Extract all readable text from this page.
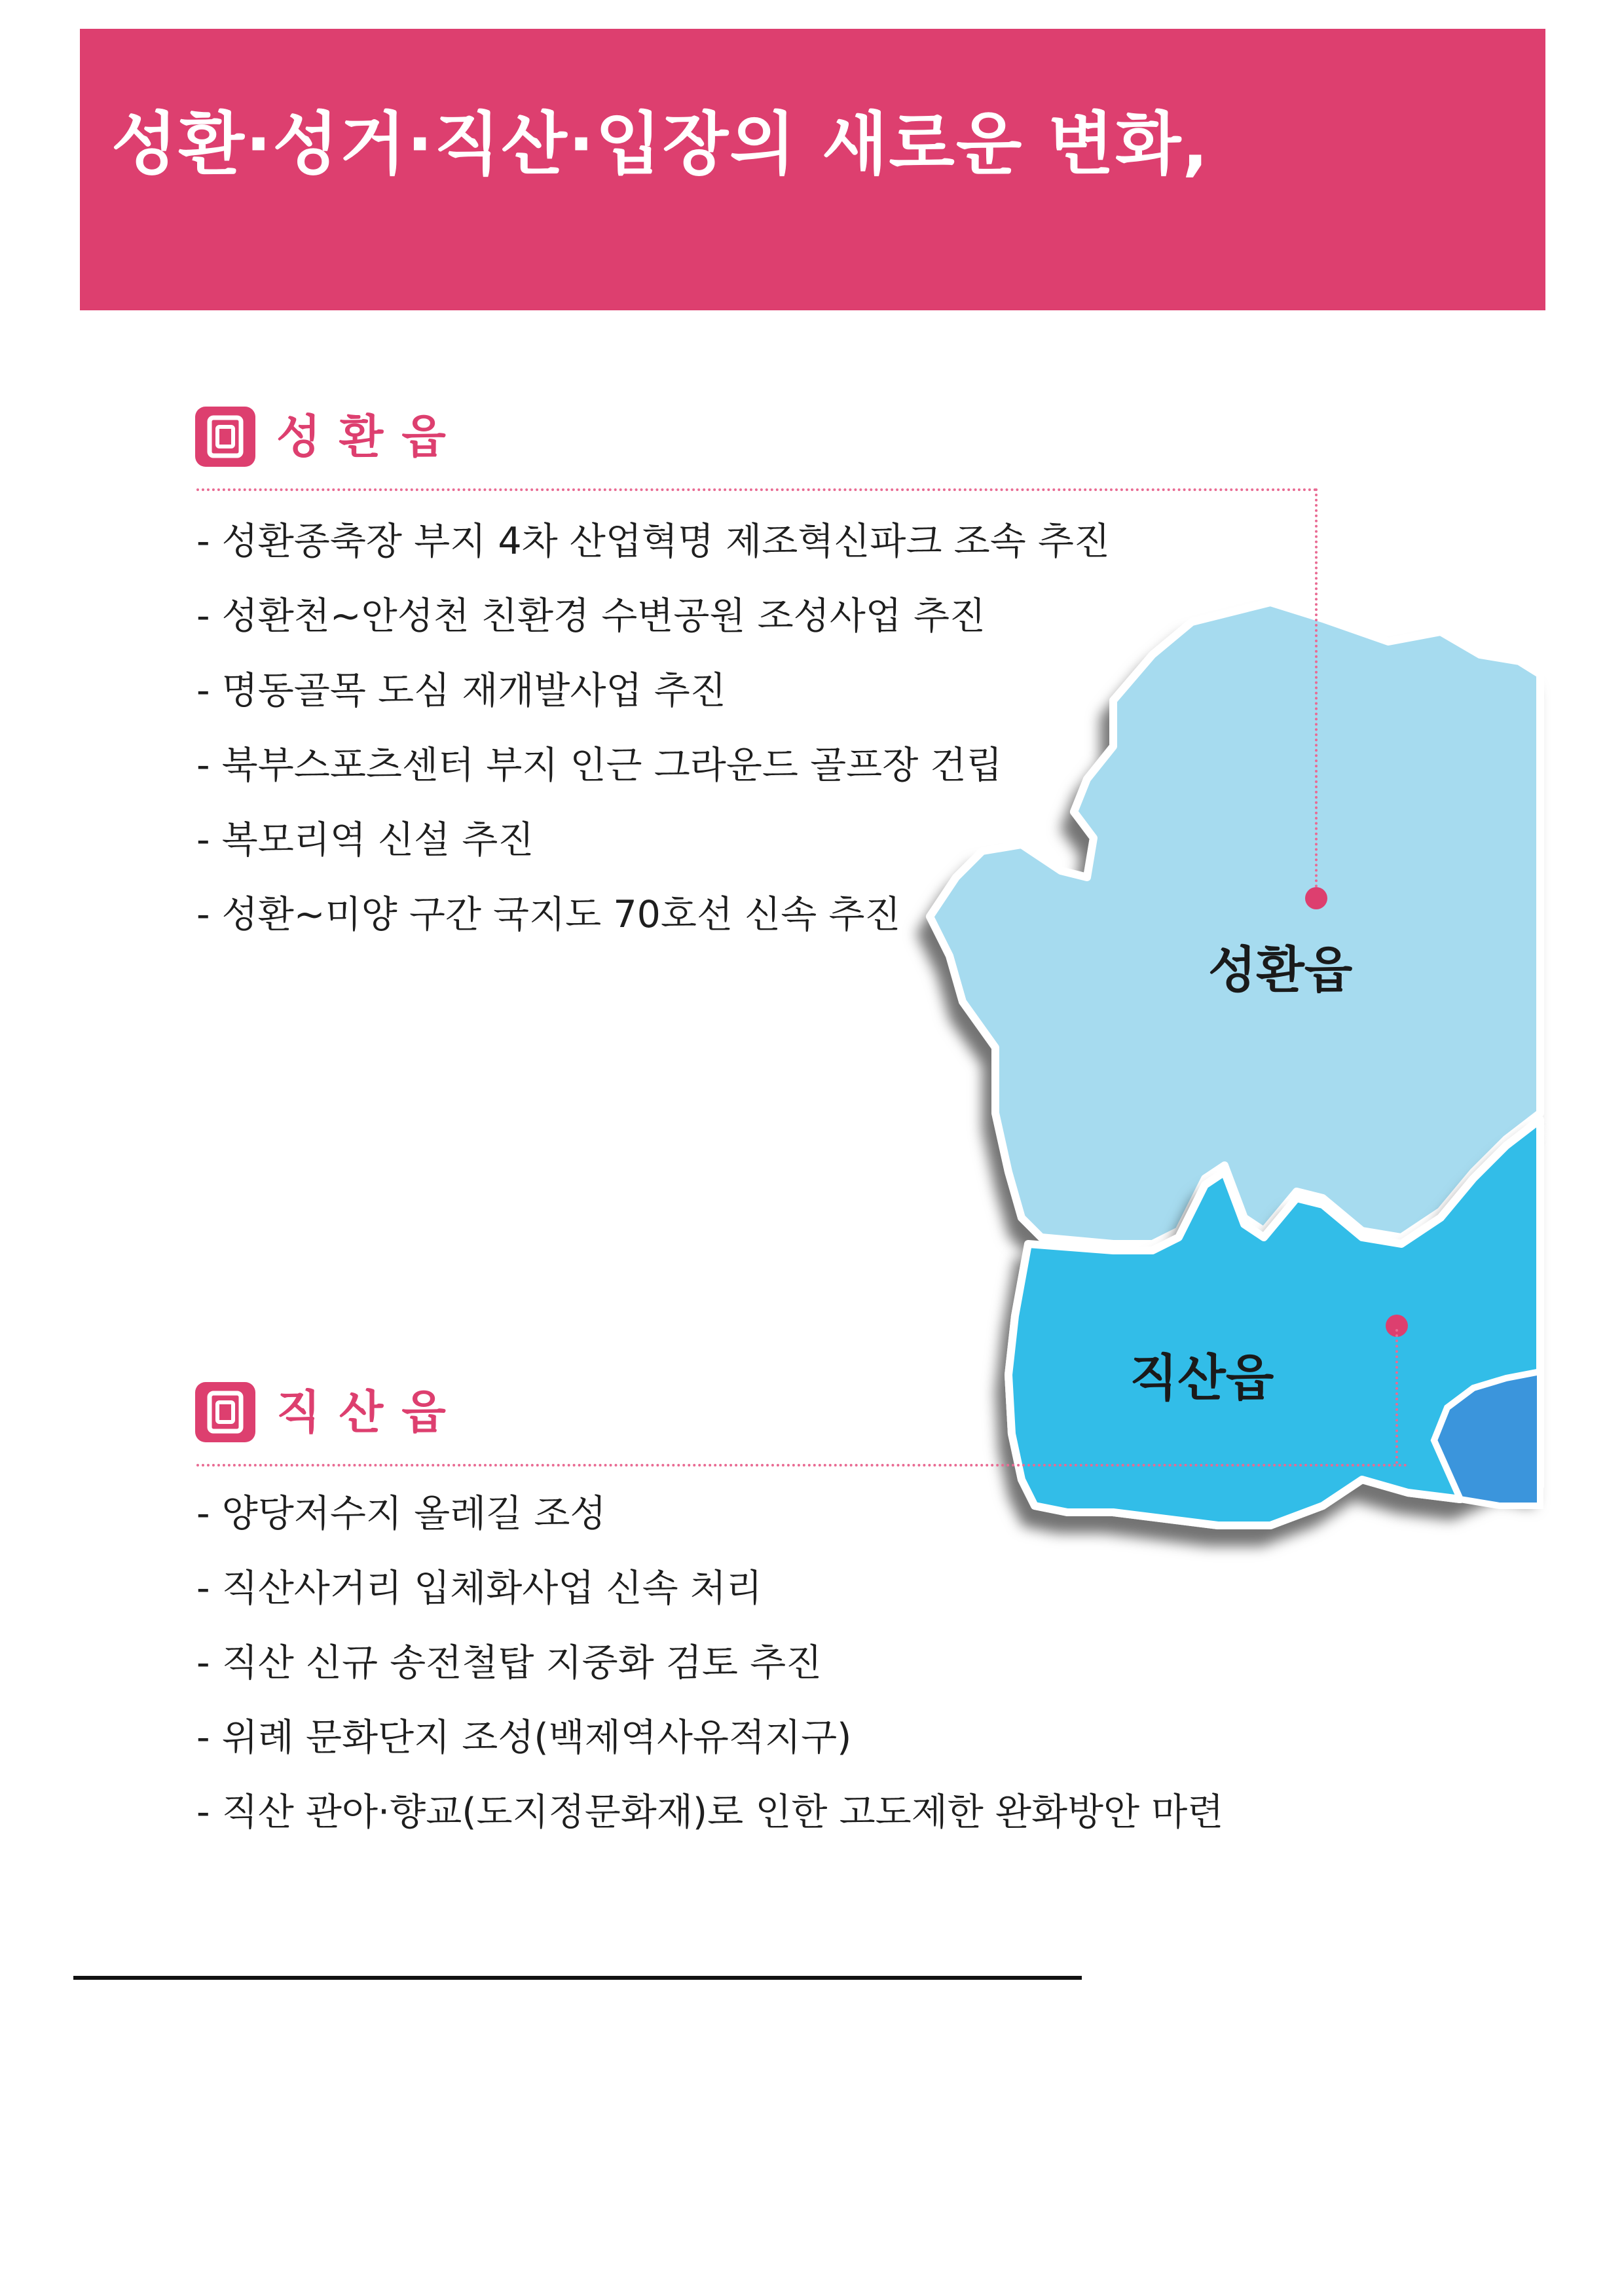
성환·성거·직산·입장의 새로운 변화,
성환읍
- 성환종축장 부지 4차 산업혁명 제조혁신파크 조속 추진
- 성환천~안성천 친환경 수변공원 조성사업 추진
- 명동골목 도심 재개발사업 추진
- 북부스포츠센터 부지 인근 그라운드 골프장 건립
- 복모리역 신설 추진
- 성환~미양 구간 국지도 70호선 신속 추진
성환읍
직산읍
직산읍
- 양당저수지 올레길 조성
- 직산사거리 입체화사업 신속 처리
- 직산 신규 송전철탑 지중화 검토 추진
- 위례 문화단지 조성(백제역사유적지구)
- 직산 관아·향교(도지정문화재)로 인한 고도제한 완화방안 마련
